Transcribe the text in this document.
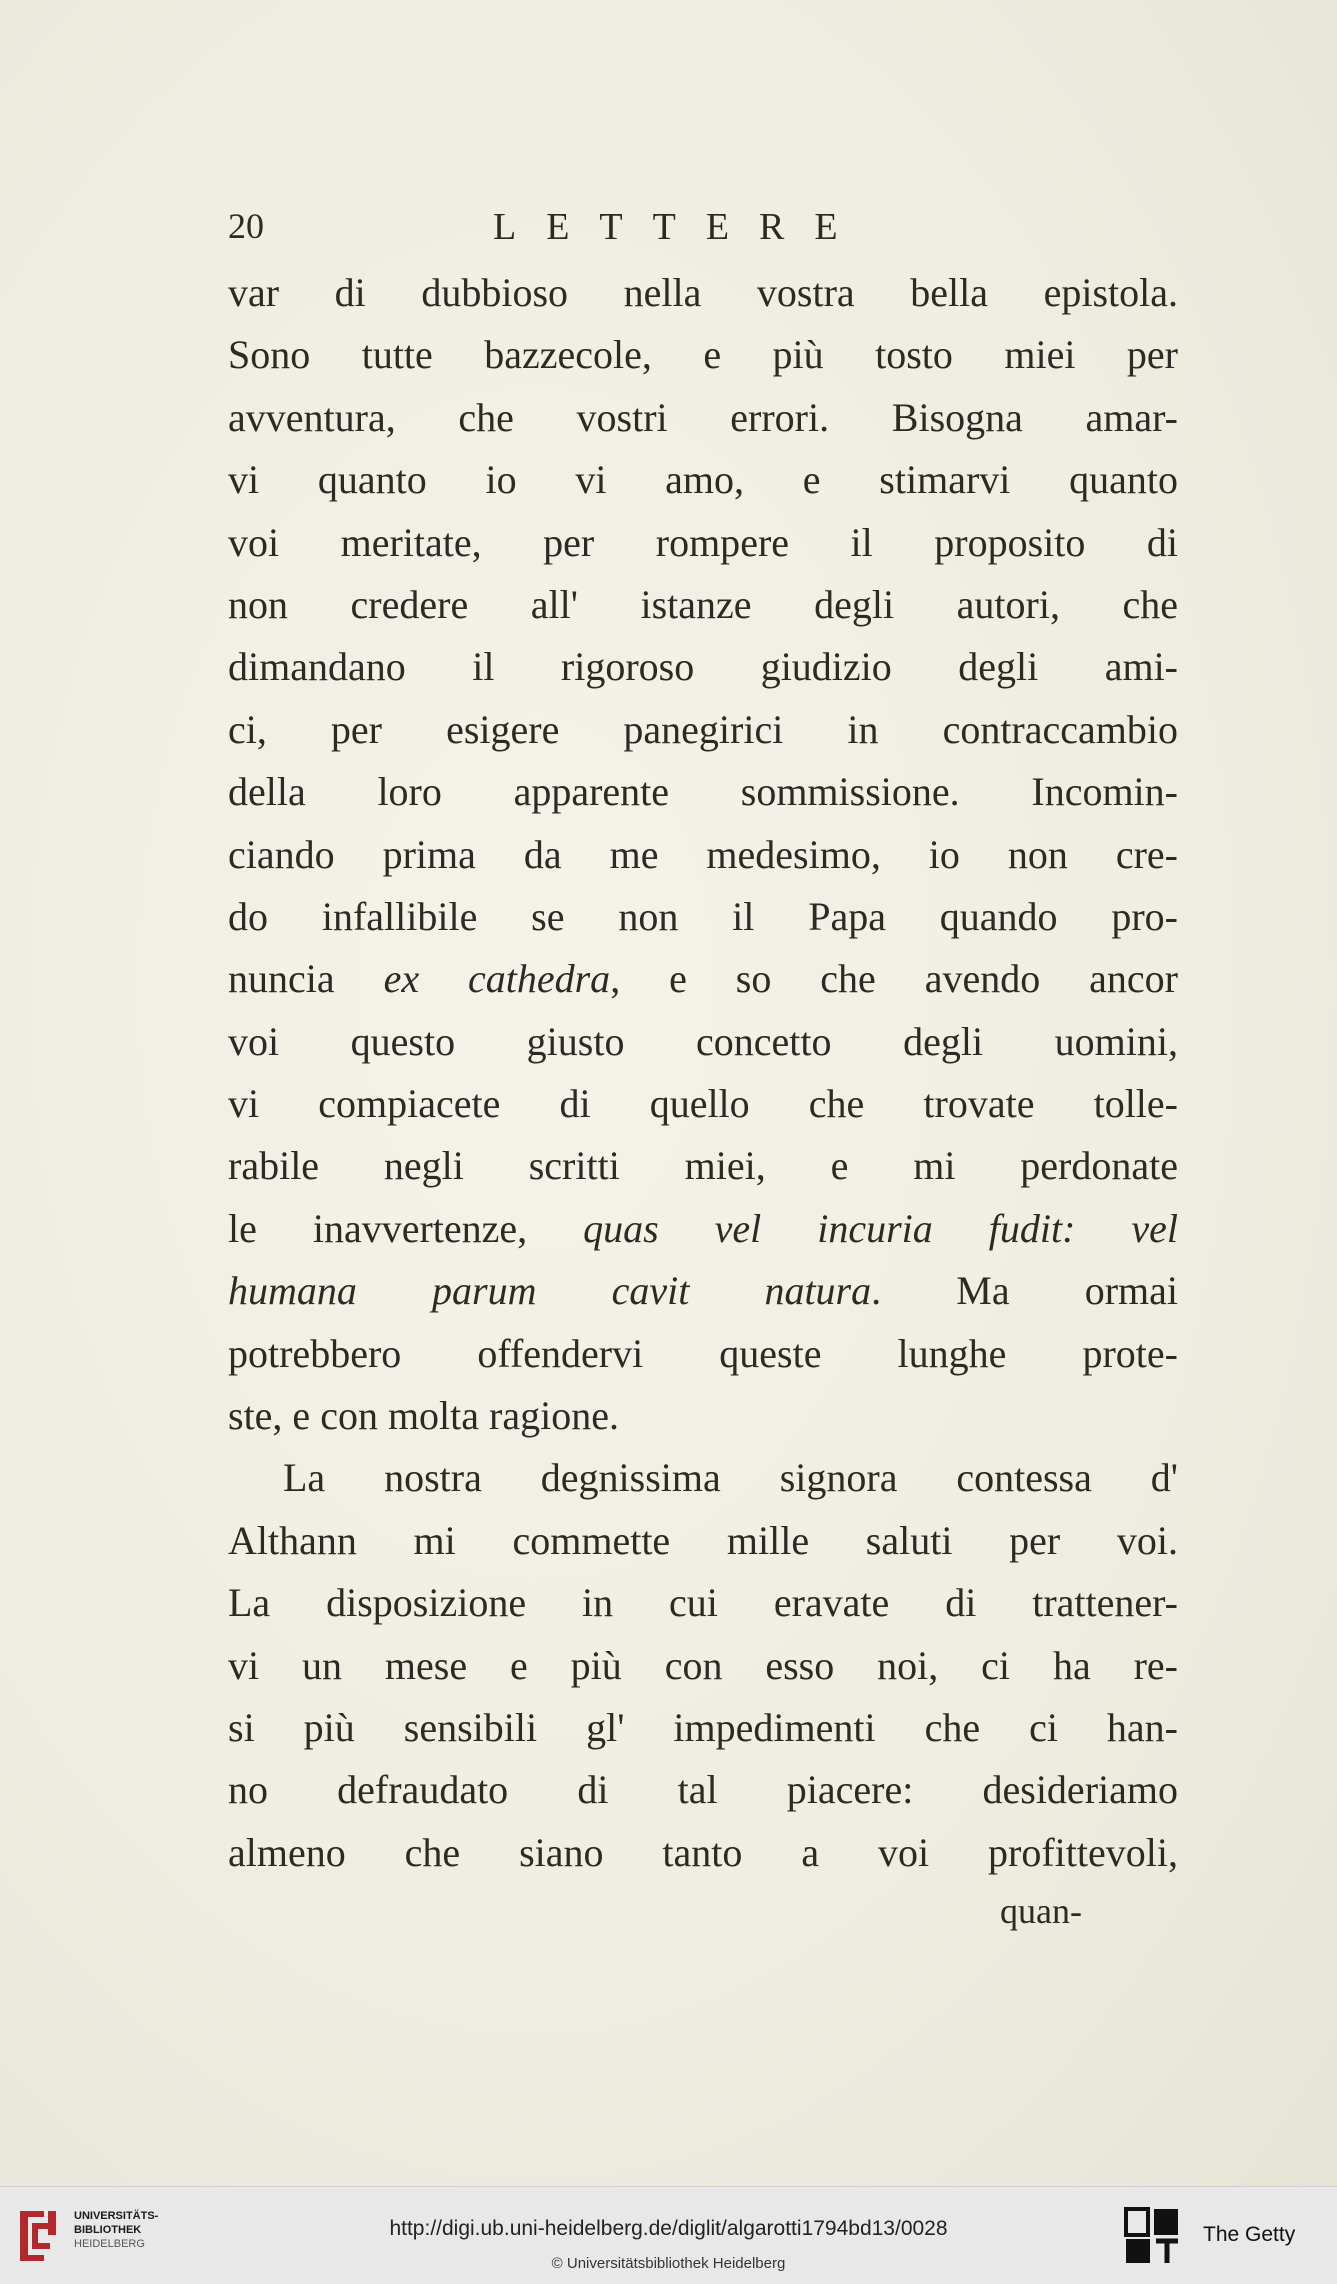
20	LETTERE
var di dubbioso nella vostra bella epistola.
Sono tutte bazzecole, e più tosto miei per
avventura, che vostri errori. Bisogna amar-
vi quanto io vi amo, e stimarvi quanto
voi meritate, per rompere il proposito di
non credere all' istanze degli autori, che
dimandano il rigoroso giudizio degli ami-
ci, per esigere panegirici in contraccambio
della loro apparente sommissione. Incomin-
ciando prima da me medesimo, io non cre-
do infallibile se non il Papa quando pro-
nuncia ex cathedra, e so che avendo ancor
voi questo giusto concetto degli uomini,
vi compiacete di quello che trovate tolle-
rabile negli scritti miei, e mi perdonate
le inavvertenze, quas vel incuria fudit: vel
humana parum cavit natura. Ma ormai
potrebbero offendervi queste lunghe prote-
ste, e con molta ragione.
La nostra degnissima signora contessa d'
Althann mi commette mille saluti per voi.
La disposizione in cui eravate di trattener-
vi un mese e più con esso noi, ci ha re-
si più sensibili gl' impedimenti che ci han-
no defraudato di tal piacere: desideriamo
almeno che siano tanto a voi profittevoli,
quan-
UNIVERSITÄTS-
BIBLIOTHEK
HEIDELBERG
http://digi.ub.uni-heidelberg.de/diglit/algarotti1794bd13/0028
© Universitätsbibliothek Heidelberg
The Getty
